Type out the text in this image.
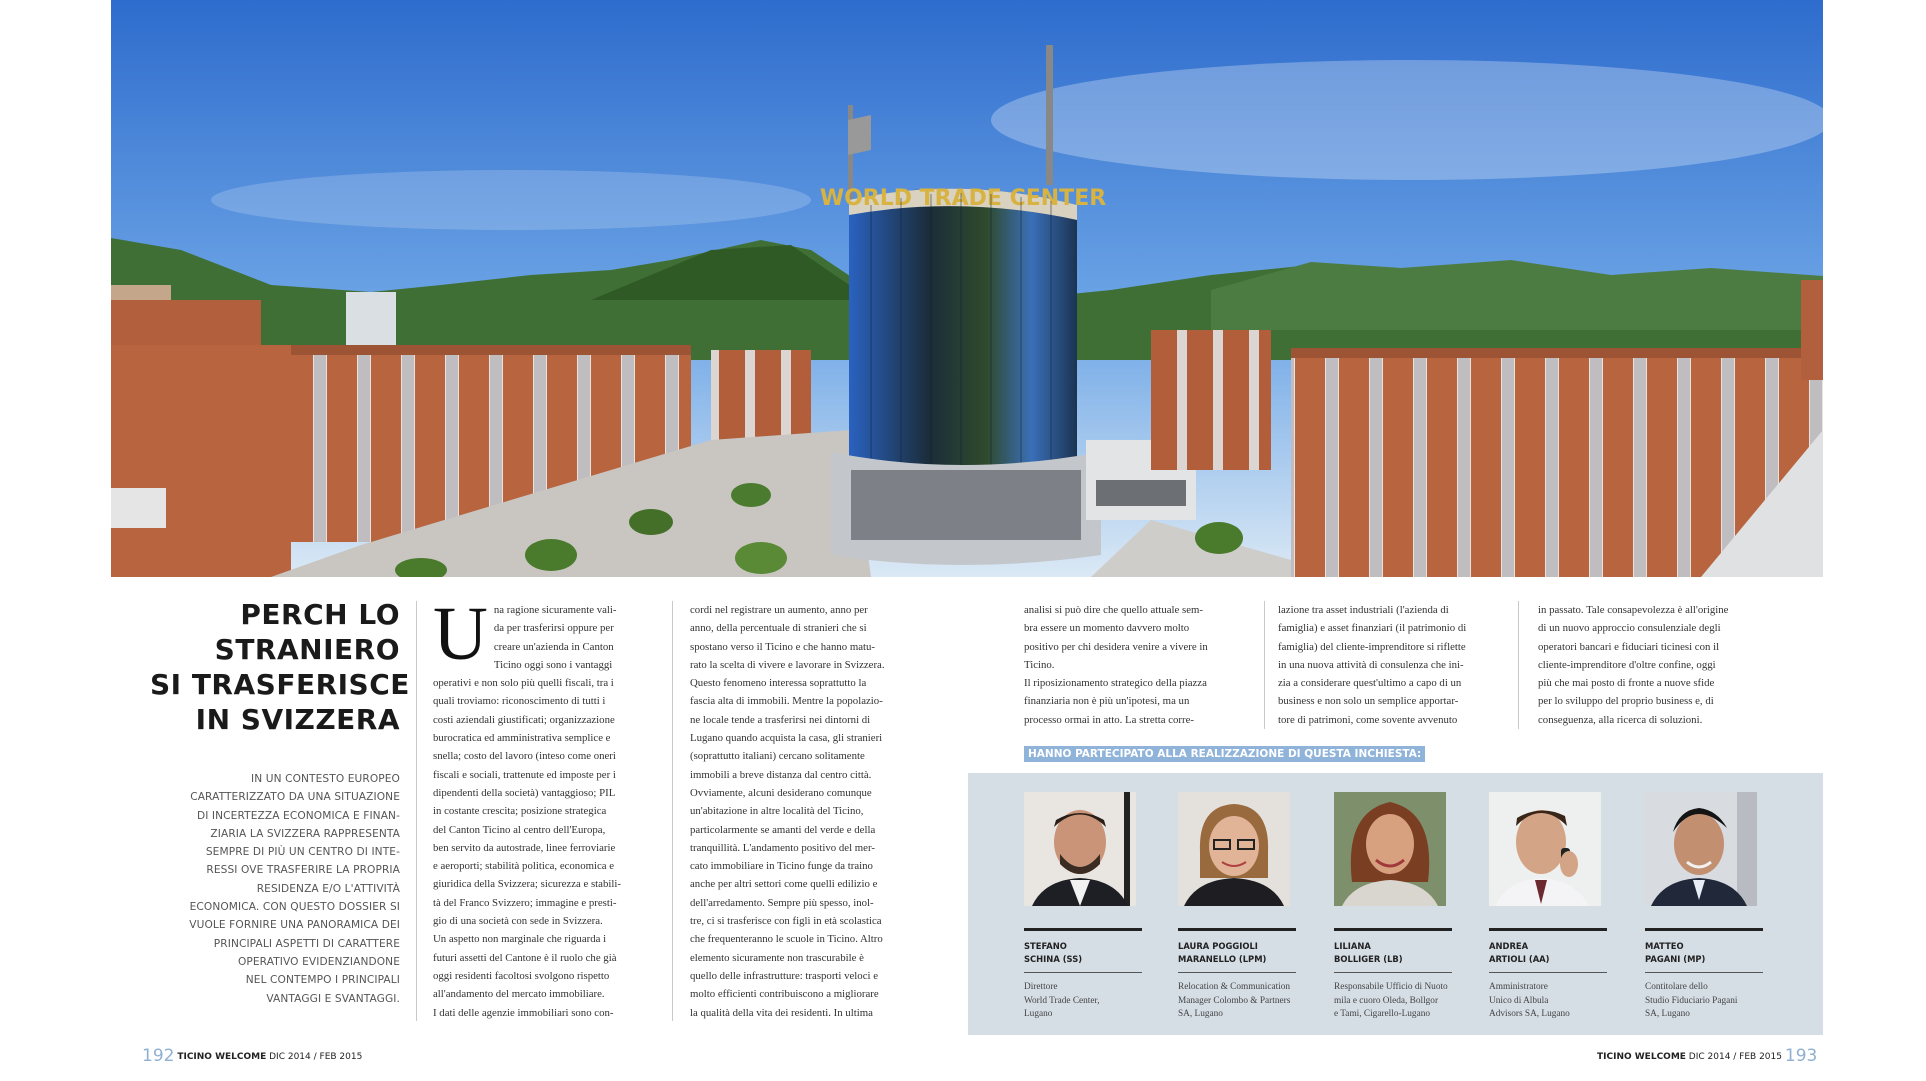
WORLD TRADE CENTER
PERCH LO
STRANIERO
SI TRASFERISCE
IN SVIZZERA
IN UN CONTESTO EUROPEO
CARATTERIZZATO DA UNA SITUAZIONE
DI INCERTEZZA ECONOMICA E FINAN-
ZIARIA LA SVIZZERA RAPPRESENTA
SEMPRE DI PIÙ UN CENTRO DI INTE-
RESSI OVE TRASFERIRE LA PROPRIA
RESIDENZA E/O L'ATTIVITÀ
ECONOMICA. CON QUESTO DOSSIER SI
VUOLE FORNIRE UNA PANORAMICA DEI
PRINCIPALI ASPETTI DI CARATTERE
OPERATIVO EVIDENZIANDONE
NEL CONTEMPO I PRINCIPALI
VANTAGGI E SVANTAGGI.
U na ragione sicuramente vali-
da per trasferirsi oppure per
creare un'azienda in Canton
Ticino oggi sono i vantaggi
operativi e non solo più quelli fiscali, tra i
quali troviamo: riconoscimento di tutti i
costi aziendali giustificati; organizzazione
burocratica ed amministrativa semplice e
snella; costo del lavoro (inteso come oneri
fiscali e sociali, trattenute ed imposte per i
dipendenti della società) vantaggioso; PIL
in costante crescita; posizione strategica
del Canton Ticino al centro dell'Europa,
ben servito da autostrade, linee ferroviarie
e aeroporti; stabilità politica, economica e
giuridica della Svizzera; sicurezza e stabili-
tà del Franco Svizzero; immagine e presti-
gio di una società con sede in Svizzera.
Un aspetto non marginale che riguarda i
futuri assetti del Cantone è il ruolo che già
oggi residenti facoltosi svolgono rispetto
all'andamento del mercato immobiliare.
I dati delle agenzie immobiliari sono con-
cordi nel registrare un aumento, anno per
anno, della percentuale di stranieri che si
spostano verso il Ticino e che hanno matu-
rato la scelta di vivere e lavorare in Svizzera.
Questo fenomeno interessa soprattutto la
fascia alta di immobili. Mentre la popolazio-
ne locale tende a trasferirsi nei dintorni di
Lugano quando acquista la casa, gli stranieri
(soprattutto italiani) cercano solitamente
immobili a breve distanza dal centro città.
Ovviamente, alcuni desiderano comunque
un'abitazione in altre località del Ticino,
particolarmente se amanti del verde e della
tranquillità. L'andamento positivo del mer-
cato immobiliare in Ticino funge da traino
anche per altri settori come quelli edilizio e
dell'arredamento. Sempre più spesso, inol-
tre, ci si trasferisce con figli in età scolastica
che frequenteranno le scuole in Ticino. Altro
elemento sicuramente non trascurabile è
quello delle infrastrutture: trasporti veloci e
molto efficienti contribuiscono a migliorare
la qualità della vita dei residenti. In ultima
analisi si può dire che quello attuale sem-
bra essere un momento davvero molto
positivo per chi desidera venire a vivere in
Ticino.
Il riposizionamento strategico della piazza
finanziaria non è più un'ipotesi, ma un
processo ormai in atto. La stretta corre-
lazione tra asset industriali (l'azienda di
famiglia) e asset finanziari (il patrimonio di
famiglia) del cliente-imprenditore si riflette
in una nuova attività di consulenza che ini-
zia a considerare quest'ultimo a capo di un
business e non solo un semplice apportar-
tore di patrimoni, come sovente avvenuto
in passato. Tale consapevolezza è all'origine
di un nuovo approccio consulenziale degli
operatori bancari e fiduciari ticinesi con il
cliente-imprenditore d'oltre confine, oggi
più che mai posto di fronte a nuove sfide
per lo sviluppo del proprio business e, di
conseguenza, alla ricerca di soluzioni.
HANNO PARTECIPATO ALLA REALIZZAZIONE DI QUESTA INCHIESTA:
STEFANO
SCHINA (SS)
Direttore
World Trade Center,
Lugano
LAURA POGGIOLI
MARANELLO (LPM)
Relocation & Communication
Manager Colombo & Partners
SA, Lugano
LILIANA
BOLLIGER (LB)
Responsabile Ufficio di Nuoto
mila e cuoro Oleda, Bollgor
e Tami, Cigarello-Lugano
ANDREA
ARTIOLI (AA)
Amministratore
Unico di Albula
Advisors SA, Lugano
MATTEO
PAGANI (MP)
Contitolare dello
Studio Fiduciario Pagani
SA, Lugano
192 TICINO WELCOME DIC 2014 / FEB 2015	TICINO WELCOME DIC 2014 / FEB 2015 193
